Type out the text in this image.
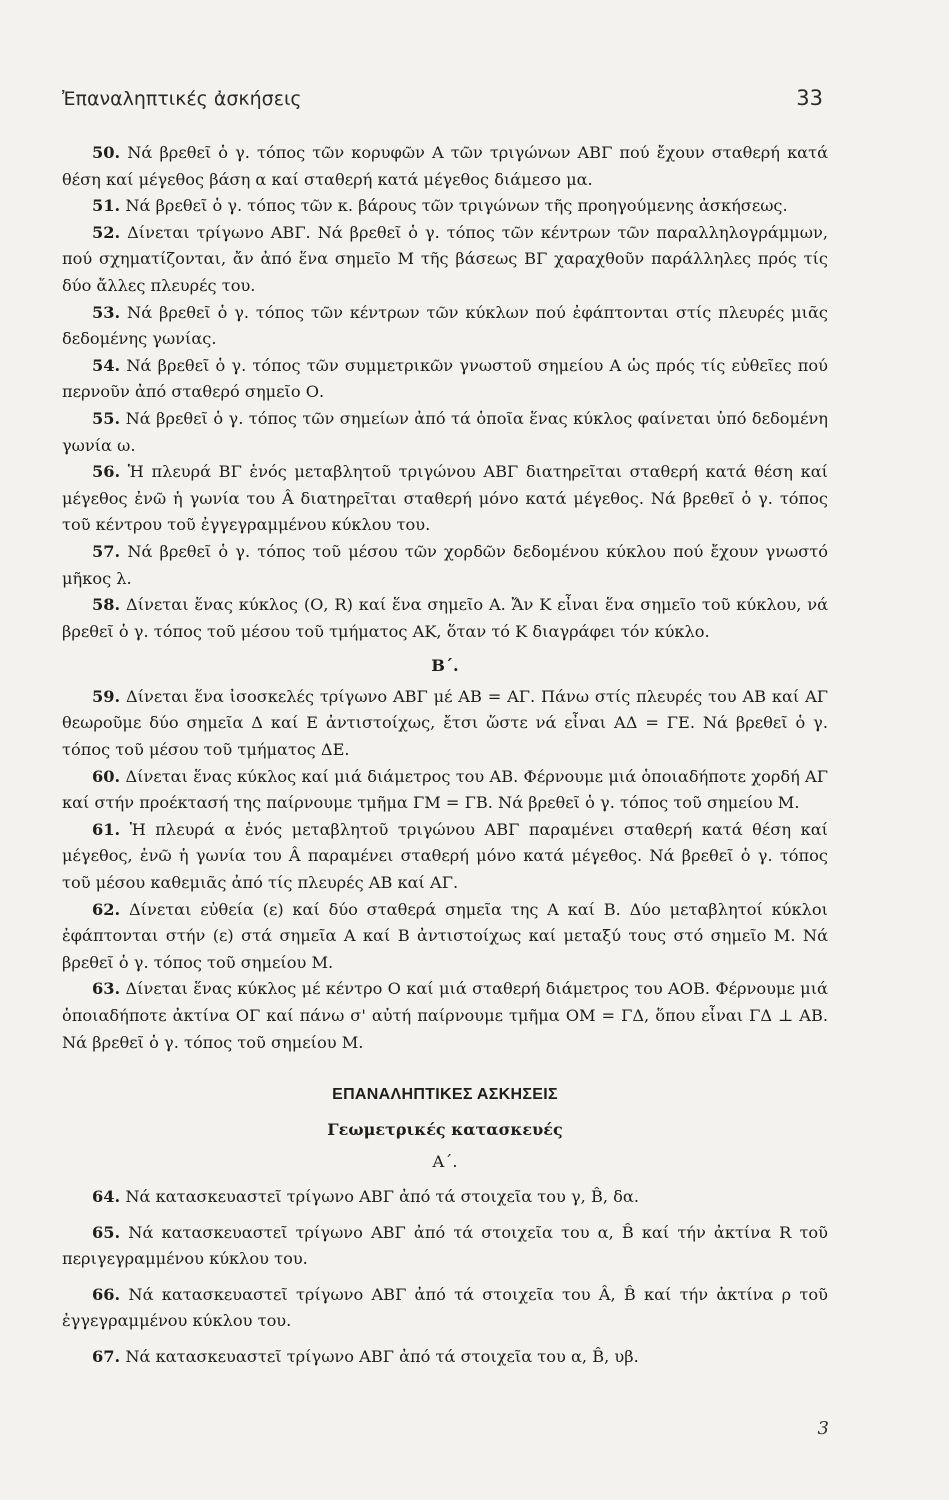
Ἐπαναληπτικές ἀσκήσεις	33

50. Νά βρεθεῖ ὁ γ. τόπος τῶν κορυφῶν Α τῶν τριγώνων ΑΒΓ πού ἔχουν σταθερή κατά θέση καί μέγεθος βάση α καί σταθερή κατά μέγεθος διάμεσο μα.

51. Νά βρεθεῖ ὁ γ. τόπος τῶν κ. βάρους τῶν τριγώνων τῆς προηγούμενης ἀσκήσεως.

52. Δίνεται τρίγωνο ΑΒΓ. Νά βρεθεῖ ὁ γ. τόπος τῶν κέντρων τῶν παραλληλογράμμων, πού σχηματίζονται, ἄν ἀπό ἕνα σημεῖο Μ τῆς βάσεως ΒΓ χαραχθοῦν παράλληλες πρός τίς δύο ἄλλες πλευρές του.

53. Νά βρεθεῖ ὁ γ. τόπος τῶν κέντρων τῶν κύκλων πού ἐφάπτονται στίς πλευρές μιᾶς δεδομένης γωνίας.

54. Νά βρεθεῖ ὁ γ. τόπος τῶν συμμετρικῶν γνωστοῦ σημείου Α ὡς πρός τίς εὐθεῖες πού περνοῦν ἀπό σταθερό σημεῖο Ο.

55. Νά βρεθεῖ ὁ γ. τόπος τῶν σημείων ἀπό τά ὁποῖα ἕνας κύκλος φαίνεται ὑπό δεδομένη γωνία ω.

56. Ἡ πλευρά ΒΓ ἑνός μεταβλητοῦ τριγώνου ΑΒΓ διατηρεῖται σταθερή κατά θέση καί μέγεθος ἐνῶ ἡ γωνία του Â διατηρεῖται σταθερή μόνο κατά μέγεθος. Νά βρεθεῖ ὁ γ. τόπος τοῦ κέντρου τοῦ ἐγγεγραμμένου κύκλου του.

57. Νά βρεθεῖ ὁ γ. τόπος τοῦ μέσου τῶν χορδῶν δεδομένου κύκλου πού ἔχουν γνωστό μῆκος λ.

58. Δίνεται ἕνας κύκλος (Ο, R) καί ἕνα σημεῖο Α. Ἄν Κ εἶναι ἕνα σημεῖο τοῦ κύκλου, νά βρεθεῖ ὁ γ. τόπος τοῦ μέσου τοῦ τμήματος ΑΚ, ὅταν τό Κ διαγράφει τόν κύκλο.

Β΄.

59. Δίνεται ἕνα ἰσοσκελές τρίγωνο ΑΒΓ μέ ΑΒ = ΑΓ. Πάνω στίς πλευρές του ΑΒ καί ΑΓ θεωροῦμε δύο σημεῖα Δ καί Ε ἀντιστοίχως, ἔτσι ὥστε νά εἶναι ΑΔ = ΓΕ. Νά βρεθεῖ ὁ γ. τόπος τοῦ μέσου τοῦ τμήματος ΔΕ.

60. Δίνεται ἕνας κύκλος καί μιά διάμετρος του ΑΒ. Φέρνουμε μιά ὁποιαδήποτε χορδή ΑΓ καί στήν προέκτασή της παίρνουμε τμῆμα ΓΜ = ΓΒ. Νά βρεθεῖ ὁ γ. τόπος τοῦ σημείου Μ.

61. Ἡ πλευρά α ἑνός μεταβλητοῦ τριγώνου ΑΒΓ παραμένει σταθερή κατά θέση καί μέγεθος, ἐνῶ ἡ γωνία του Â παραμένει σταθερή μόνο κατά μέγεθος. Νά βρεθεῖ ὁ γ. τόπος τοῦ μέσου καθεμιᾶς ἀπό τίς πλευρές ΑΒ καί ΑΓ.

62. Δίνεται εὐθεία (ε) καί δύο σταθερά σημεῖα της Α καί Β. Δύο μεταβλητοί κύκλοι ἐφάπτονται στήν (ε) στά σημεῖα Α καί Β ἀντιστοίχως καί μεταξύ τους στό σημεῖο Μ. Νά βρεθεῖ ὁ γ. τόπος τοῦ σημείου Μ.

63. Δίνεται ἕνας κύκλος μέ κέντρο Ο καί μιά σταθερή διάμετρος του ΑΟΒ. Φέρνουμε μιά ὁποιαδήποτε ἀκτίνα ΟΓ καί πάνω σ' αὐτή παίρνουμε τμῆμα ΟΜ = ΓΔ, ὅπου εἶναι ΓΔ ⊥ ΑΒ. Νά βρεθεῖ ὁ γ. τόπος τοῦ σημείου Μ.

ΕΠΑΝΑΛΗΠΤΙΚΕΣ ΑΣΚΗΣΕΙΣ

Γεωμετρικές κατασκευές

Α΄.

64. Νά κατασκευαστεῖ τρίγωνο ΑΒΓ ἀπό τά στοιχεῖα του γ, B̂, δα.

65. Νά κατασκευαστεῖ τρίγωνο ΑΒΓ ἀπό τά στοιχεῖα του α, B̂ καί τήν ἀκτίνα R τοῦ περιγεγραμμένου κύκλου του.

66. Νά κατασκευαστεῖ τρίγωνο ΑΒΓ ἀπό τά στοιχεῖα του Â, B̂ καί τήν ἀκτίνα ρ τοῦ ἐγγεγραμμένου κύκλου του.

67. Νά κατασκευαστεῖ τρίγωνο ΑΒΓ ἀπό τά στοιχεῖα του α, B̂, υβ.

3
